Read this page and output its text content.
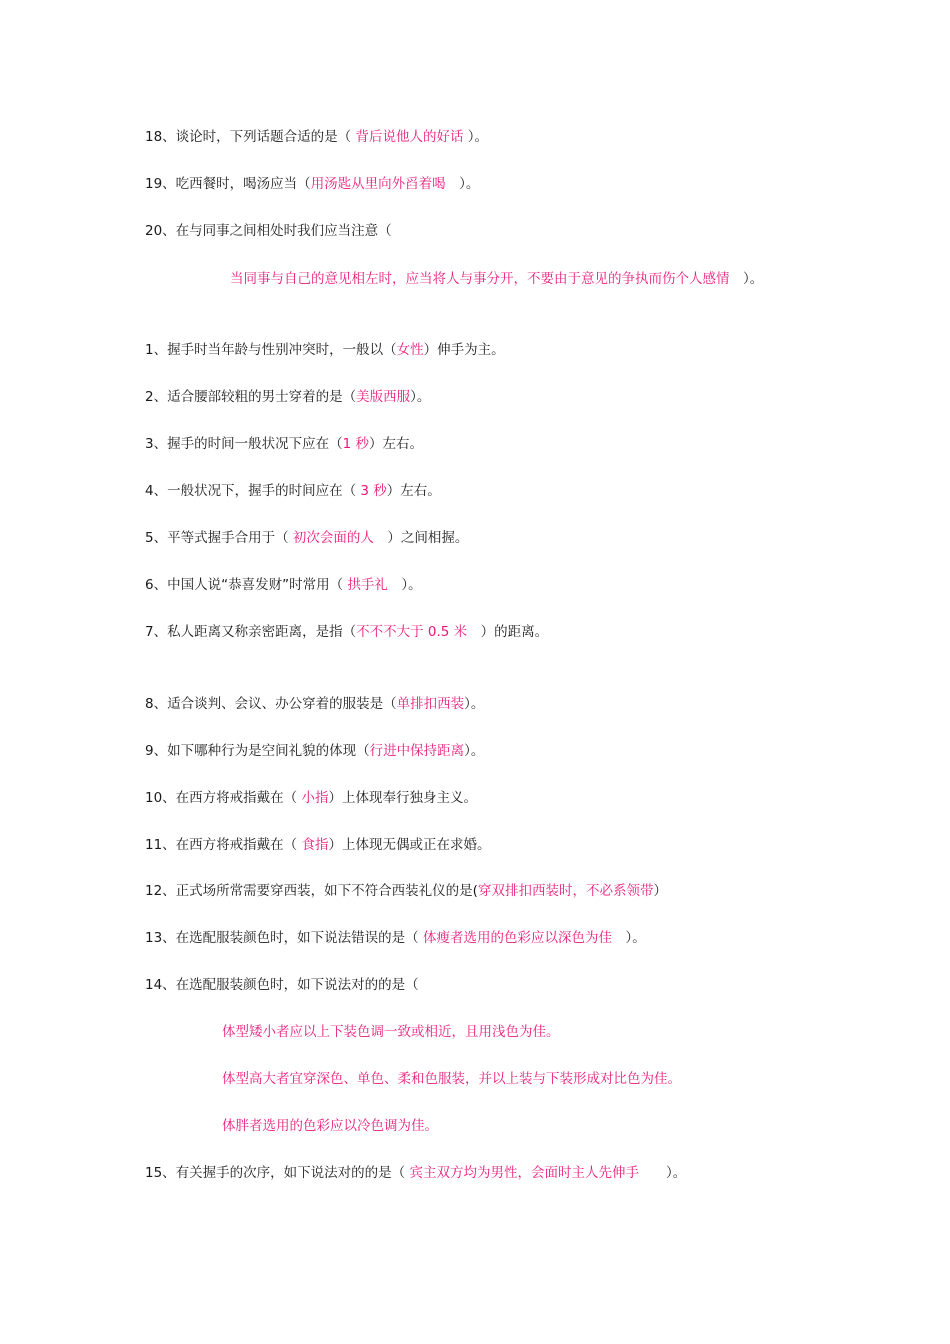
18、谈论时，下列话题合适的是（ 背后说他人的好话 ）。
19、吃西餐时，喝汤应当（用汤匙从里向外舀着喝　）。
20、在与同事之间相处时我们应当注意（
当同事与自己的意见相左时，应当将人与事分开，不要由于意见的争执而伤个人感情　）。
1、握手时当年龄与性别冲突时，一般以（女性）伸手为主。
2、适合腰部较粗的男士穿着的是（美版西服）。
3、握手的时间一般状况下应在（1 秒）左右。
4、一般状况下，握手的时间应在（ 3 秒）左右。
5、平等式握手合用于（ 初次会面的人　）之间相握。
6、中国人说“恭喜发财”时常用（ 拱手礼　）。
7、私人距离又称亲密距离，是指（不不不大于 0.5 米　）的距离。
8、适合谈判、会议、办公穿着的服装是（单排扣西装）。
9、如下哪种行为是空间礼貌的体现（行进中保持距离）。
10、在西方将戒指戴在（ 小指）上体现奉行独身主义。
11、在西方将戒指戴在（ 食指）上体现无偶或正在求婚。
12、正式场所常需要穿西装，如下不符合西装礼仪的是(穿双排扣西装时，不必系领带）
13、在选配服装颜色时，如下说法错误的是（ 体瘦者选用的色彩应以深色为佳　）。
14、在选配服装颜色时，如下说法对的的是（
体型矮小者应以上下装色调一致或相近，且用浅色为佳。
体型高大者宜穿深色、单色、柔和色服装，并以上装与下装形成对比色为佳。
体胖者选用的色彩应以冷色调为佳。
15、有关握手的次序，如下说法对的的是（ 宾主双方均为男性，会面时主人先伸手　　）。
